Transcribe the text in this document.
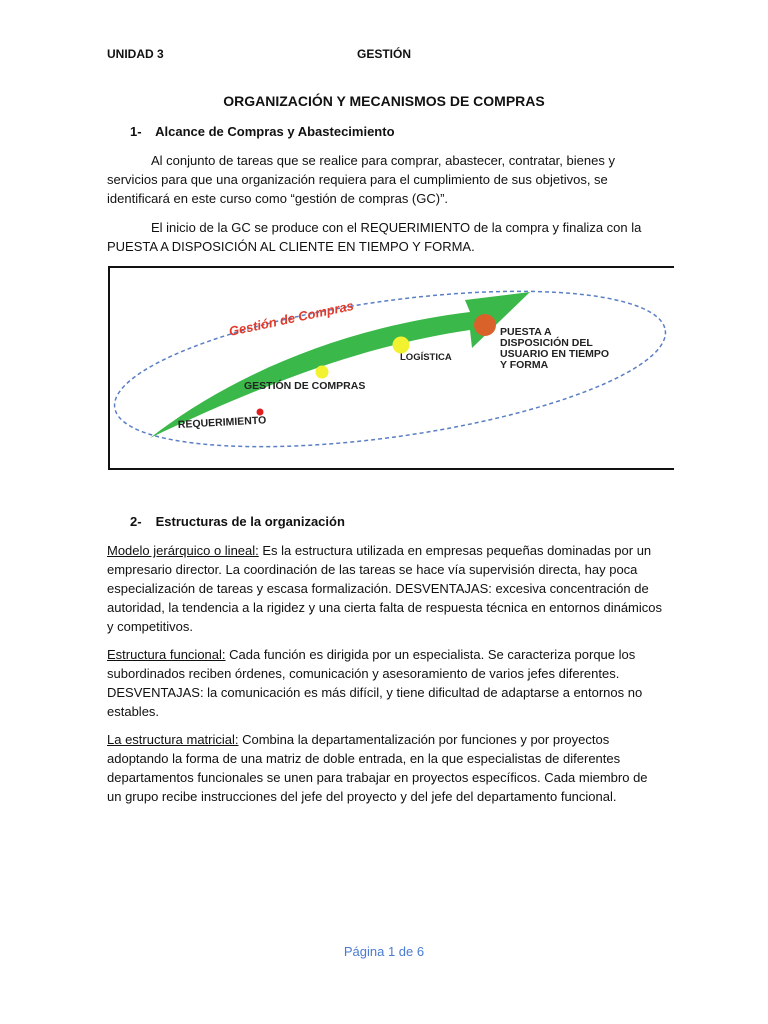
UNIDAD 3	GESTIÓN
ORGANIZACIÓN Y MECANISMOS DE COMPRAS
1- Alcance de Compras y Abastecimiento
Al conjunto de tareas que se realice para comprar, abastecer, contratar, bienes y servicios para que una organización requiera para el cumplimiento de sus objetivos, se identificará en este curso como “gestión de compras (GC)”.
El inicio de la GC se produce con el REQUERIMIENTO de la compra y finaliza con la PUESTA A DISPOSICIÓN AL CLIENTE EN TIEMPO Y FORMA.
Gestión de Compras
REQUERIMIENTO
GESTIÓN DE COMPRAS
LOGÍSTICA
PUESTA A
DISPOSICIÓN DEL
USUARIO EN TIEMPO
Y FORMA
2- Estructuras de la organización
Modelo jerárquico o lineal: Es la estructura utilizada en empresas pequeñas dominadas por un empresario director. La coordinación de las tareas se hace vía supervisión directa, hay poca especialización de tareas y escasa formalización. DESVENTAJAS: excesiva concentración de autoridad, la tendencia a la rigidez y una cierta falta de respuesta técnica en entornos dinámicos y competitivos.
Estructura funcional: Cada función es dirigida por un especialista. Se caracteriza porque los subordinados reciben órdenes, comunicación y asesoramiento de varios jefes diferentes. DESVENTAJAS: la comunicación es más difícil, y tiene dificultad de adaptarse a entornos no estables.
La estructura matricial: Combina la departamentalización por funciones y por proyectos adoptando la forma de una matriz de doble entrada, en la que especialistas de diferentes departamentos funcionales se unen para trabajar en proyectos específicos. Cada miembro de un grupo recibe instrucciones del jefe del proyecto y del jefe del departamento funcional.
Página 1 de 6
